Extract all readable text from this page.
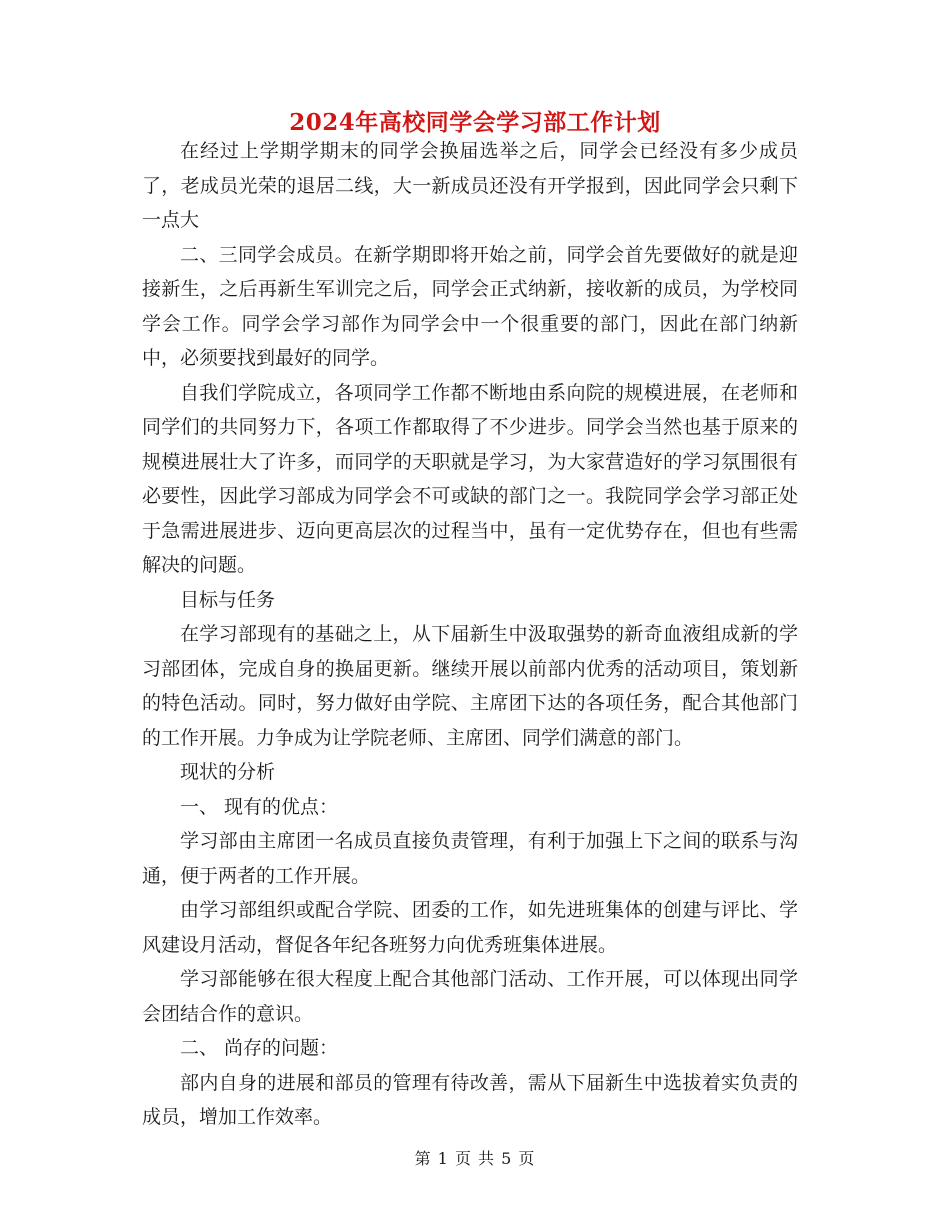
2024年高校同学会学习部工作计划

在经过上学期学期末的同学会换届选举之后，同学会已经没有多少成员了，老成员光荣的退居二线，大一新成员还没有开学报到，因此同学会只剩下一点大

二、三同学会成员。在新学期即将开始之前，同学会首先要做好的就是迎接新生，之后再新生军训完之后，同学会正式纳新，接收新的成员，为学校同学会工作。同学会学习部作为同学会中一个很重要的部门，因此在部门纳新中，必须要找到最好的同学。

自我们学院成立，各项同学工作都不断地由系向院的规模进展，在老师和同学们的共同努力下，各项工作都取得了不少进步。同学会当然也基于原来的规模进展壮大了许多，而同学的天职就是学习，为大家营造好的学习氛围很有必要性，因此学习部成为同学会不可或缺的部门之一。我院同学会学习部正处于急需进展进步、迈向更高层次的过程当中，虽有一定优势存在，但也有些需解决的问题。

目标与任务

在学习部现有的基础之上，从下届新生中汲取强势的新奇血液组成新的学习部团体，完成自身的换届更新。继续开展以前部内优秀的活动项目，策划新的特色活动。同时，努力做好由学院、主席团下达的各项任务，配合其他部门的工作开展。力争成为让学院老师、主席团、同学们满意的部门。

现状的分析

一、 现有的优点：

学习部由主席团一名成员直接负责管理，有利于加强上下之间的联系与沟通，便于两者的工作开展。

由学习部组织或配合学院、团委的工作，如先进班集体的创建与评比、学风建设月活动，督促各年纪各班努力向优秀班集体进展。

学习部能够在很大程度上配合其他部门活动、工作开展，可以体现出同学会团结合作的意识。

二、 尚存的问题：

部内自身的进展和部员的管理有待改善，需从下届新生中选拔着实负责的成员，增加工作效率。

第 1 页 共 5 页
